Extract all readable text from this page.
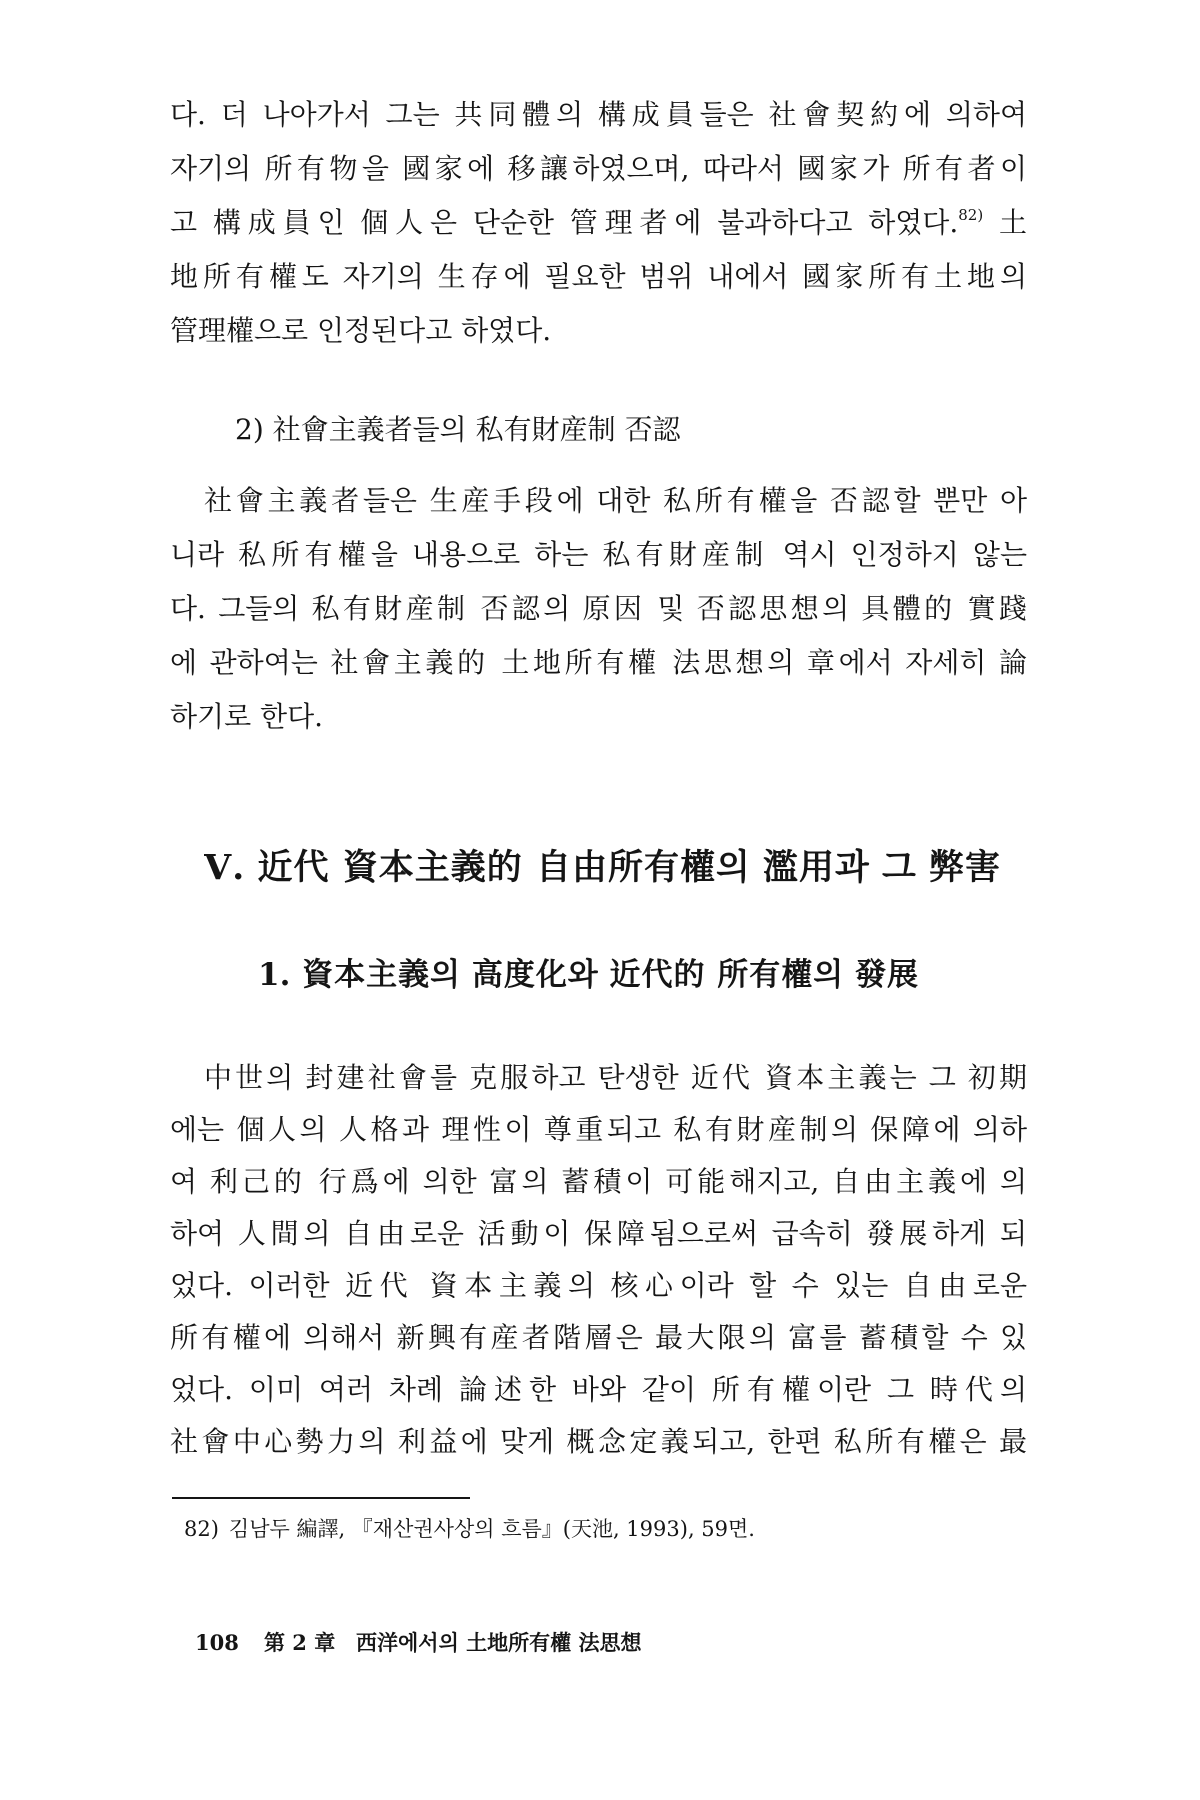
다. 더 나아가서 그는 共同體의 構成員들은 社會契約에 의하여
자기의 所有物을 國家에 移讓하였으며, 따라서 國家가 所有者이
고 構成員인 個人은 단순한 管理者에 불과하다고 하였다.$^{82)}$ 土
地所有權도 자기의 生存에 필요한 범위 내에서 國家所有土地의
管理權으로 인정된다고 하였다.
2) 社會主義者들의 私有財産制 否認
社會主義者들은 生産手段에 대한 私所有權을 否認할 뿐만 아
니라 私所有權을 내용으로 하는 私有財産制 역시 인정하지 않는
다. 그들의 私有財産制 否認의 原因 및 否認思想의 具體的 實踐
에 관하여는 社會主義的 土地所有權 法思想의 章에서 자세히 論
하기로 한다.
Ⅴ. 近代 資本主義的 自由所有權의 濫用과 그 弊害
1. 資本主義의 高度化와 近代的 所有權의 發展
中世의 封建社會를 克服하고 탄생한 近代 資本主義는 그 初期
에는 個人의 人格과 理性이 尊重되고 私有財産制의 保障에 의하
여 利己的 行爲에 의한 富의 蓄積이 可能해지고, 自由主義에 의
하여 人間의 自由로운 活動이 保障됨으로써 급속히 發展하게 되
었다. 이러한 近代 資本主義의 核心이라 할 수 있는 自由로운
所有權에 의해서 新興有産者階層은 最大限의 富를 蓄積할 수 있
었다. 이미 여러 차례 論述한 바와 같이 所有權이란 그 時代의
社會中心勢力의 利益에 맞게 概念定義되고, 한편 私所有權은 最
82) 김남두 編譯, 『재산권사상의 흐름』(天池, 1993), 59면.
108 第 2 章 西洋에서의 土地所有權 法思想
